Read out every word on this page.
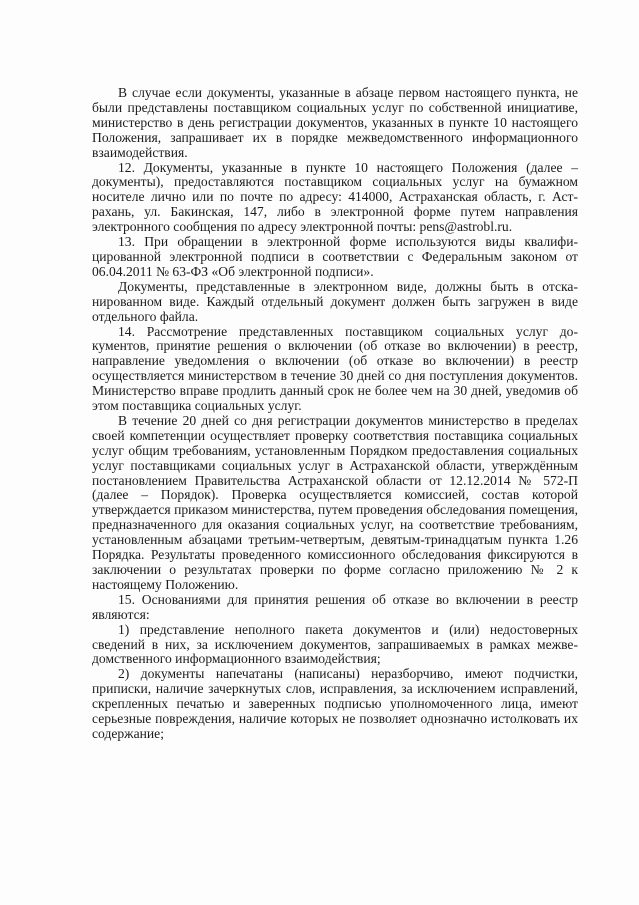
В случае если документы, указанные в абзаце первом настоящего пункта, не были представлены поставщиком социальных услуг по собственной инициативе, министерство в день регистрации документов, указанных в пункте 10 настоящего Положения, запрашивает их в порядке межведомственного информационного взаимодействия.

12. Документы, указанные в пункте 10 настоящего Положения (далее – документы), предоставляются поставщиком социальных услуг на бумажном носителе лично или по почте по адресу: 414000, Астраханская область, г. Астрахань, ул. Бакинская, 147, либо в электронной форме путем направления электронного сообщения по адресу электронной почты: pens@astrobl.ru.

13. При обращении в электронной форме используются виды квалифицированной электронной подписи в соответствии с Федеральным законом от 06.04.2011 № 63-ФЗ «Об электронной подписи».

Документы, представленные в электронном виде, должны быть в отсканированном виде. Каждый отдельный документ должен быть загружен в виде отдельного файла.

14. Рассмотрение представленных поставщиком социальных услуг документов, принятие решения о включении (об отказе во включении) в реестр, направление уведомления о включении (об отказе во включении) в реестр осуществляется министерством в течение 30 дней со дня поступления документов. Министерство вправе продлить данный срок не более чем на 30 дней, уведомив об этом поставщика социальных услуг.

В течение 20 дней со дня регистрации документов министерство в пределах своей компетенции осуществляет проверку соответствия поставщика социальных услуг общим требованиям, установленным Порядком предоставления социальных услуг поставщиками социальных услуг в Астраханской области, утверждённым постановлением Правительства Астраханской области от 12.12.2014 № 572-П (далее – Порядок). Проверка осуществляется комиссией, состав которой утверждается приказом министерства, путем проведения обследования помещения, предназначенного для оказания социальных услуг, на соответствие требованиям, установленным абзацами третьим-четвертым, девятым-тринадцатым пункта 1.26 Порядка. Результаты проведенного комиссионного обследования фиксируются в заключении о результатах проверки по форме согласно приложению № 2 к настоящему Положению.

15. Основаниями для принятия решения об отказе во включении в реестр являются:

1) представление неполного пакета документов и (или) недостоверных сведений в них, за исключением документов, запрашиваемых в рамках межведомственного информационного взаимодействия;

2) документы напечатаны (написаны) неразборчиво, имеют подчистки, приписки, наличие зачеркнутых слов, исправления, за исключением исправлений, скрепленных печатью и заверенных подписью уполномоченного лица, имеют серьезные повреждения, наличие которых не позволяет однозначно истолковать их содержание;
